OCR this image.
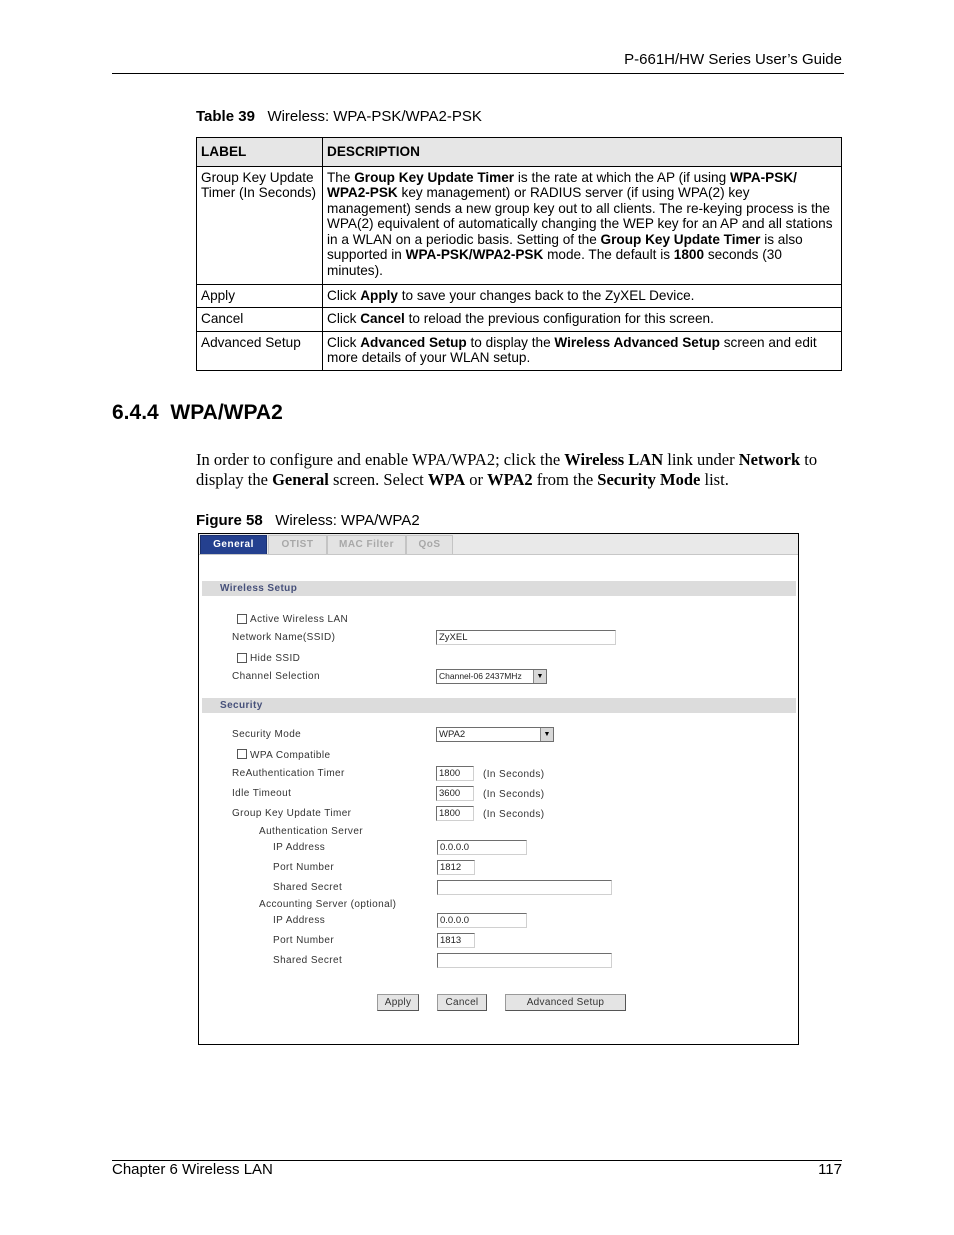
P-661H/HW Series User’s Guide
Table 39 Wireless: WPA-PSK/WPA2-PSK
LABEL	DESCRIPTION
Group Key Update Timer (In Seconds)	The Group Key Update Timer is the rate at which the AP (if using WPA-PSK/ WPA2-PSK key management) or RADIUS server (if using WPA(2) key management) sends a new group key out to all clients. The re-keying process is the WPA(2) equivalent of automatically changing the WEP key for an AP and all stations in a WLAN on a periodic basis. Setting of the Group Key Update Timer is also supported in WPA-PSK/WPA2-PSK mode. The default is 1800 seconds (30 minutes).
Apply	Click Apply to save your changes back to the ZyXEL Device.
Cancel	Click Cancel to reload the previous configuration for this screen.
Advanced Setup	Click Advanced Setup to display the Wireless Advanced Setup screen and edit more details of your WLAN setup.
6.4.4 WPA/WPA2
In order to configure and enable WPA/WPA2; click the Wireless LAN link under Network to display the General screen. Select WPA or WPA2 from the Security Mode list.
Figure 58 Wireless: WPA/WPA2
General	OTIST	MAC Filter	QoS
Wireless Setup
Active Wireless LAN
Network Name(SSID)	ZyXEL
Hide SSID
Channel Selection	Channel-06 2437MHz	▼
Security
Security Mode	WPA2	▼
WPA Compatible
ReAuthentication Timer	1800	(In Seconds)
Idle Timeout	3600	(In Seconds)
Group Key Update Timer	1800	(In Seconds)
Authentication Server
IP Address	0.0.0.0
Port Number	1812
Shared Secret
Accounting Server (optional)
IP Address	0.0.0.0
Port Number	1813
Shared Secret
Apply	Cancel	Advanced Setup
Chapter 6 Wireless LAN	117
